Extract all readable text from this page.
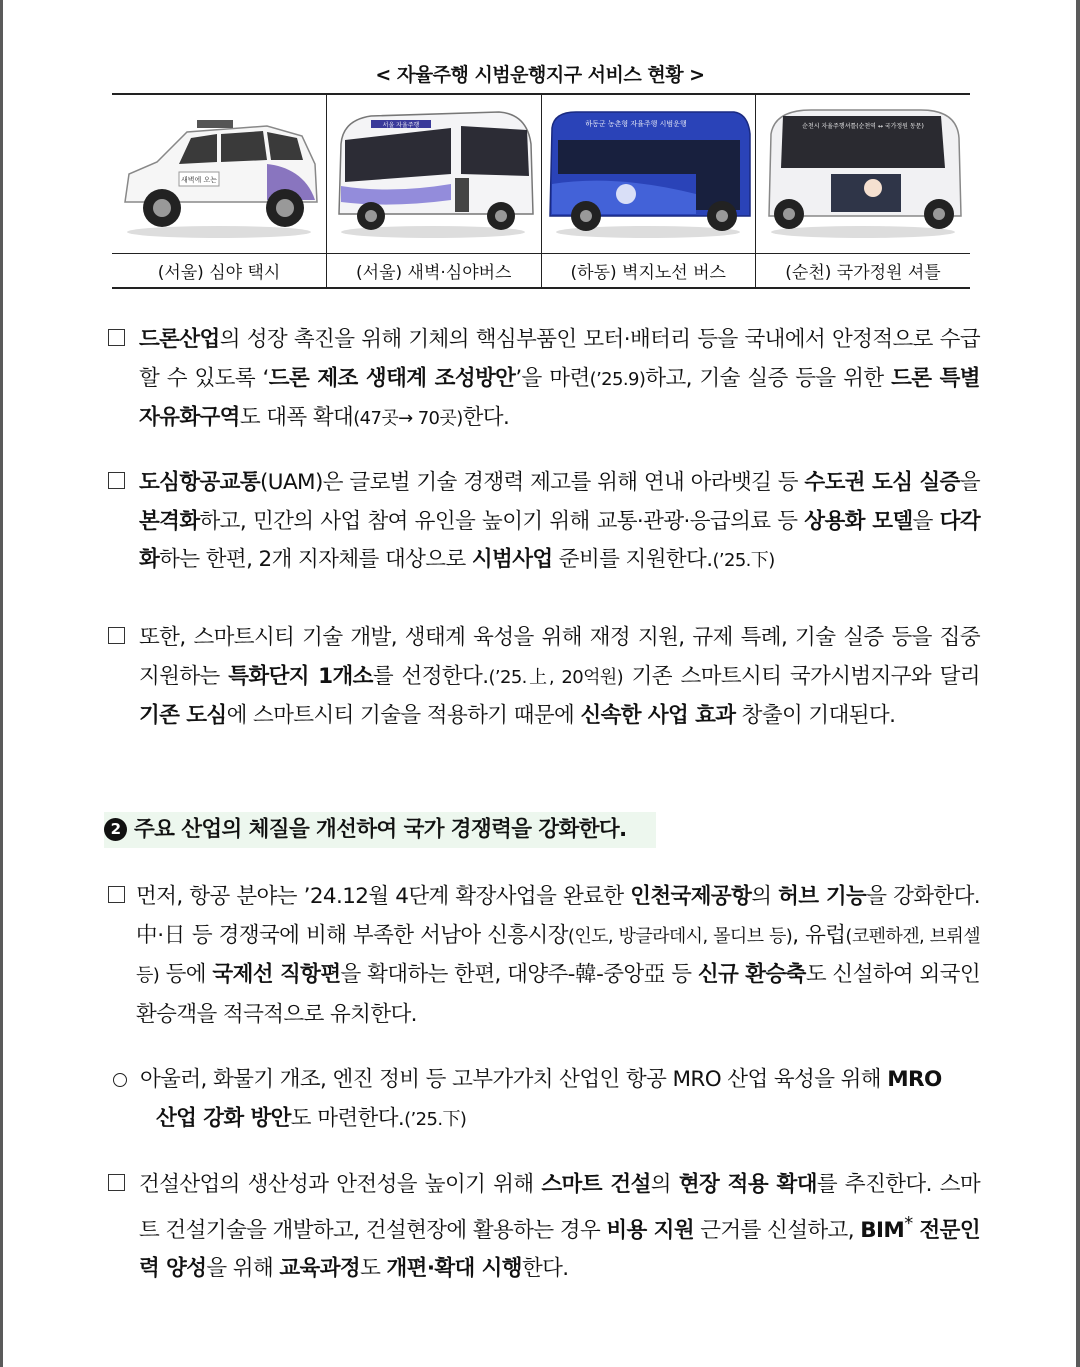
< 자율주행 시범운행지구 서비스 현황 >
새벽에 오는	서울 자율주행	하동군 농촌형 자율주행 시범운행	순천시 자율주행셔틀(순천역 ↔ 국가정원 동문)

(서울) 심야 택시	(서울) 새벽·심야버스	(하동) 벽지노선 버스	(순천) 국가정원 셔틀
드론산업의 성장 촉진을 위해 기체의 핵심부품인 모터·배터리 등을 국내에서 안정적으로 수급할 수 있도록 ‘드론 제조 생태계 조성방안’을 마련(’25.9)하고, 기술 실증 등을 위한 드론 특별 자유화구역도 대폭 확대(47곳→ 70곳)한다.
도심항공교통(UAM)은 글로벌 기술 경쟁력 제고를 위해 연내 아라뱃길 등 수도권 도심 실증을 본격화하고, 민간의 사업 참여 유인을 높이기 위해 교통·관광·응급의료 등 상용화 모델을 다각화하는 한편, 2개 지자체를 대상으로 시범사업 준비를 지원한다.(’25.下)
또한, 스마트시티 기술 개발, 생태계 육성을 위해 재정 지원, 규제 특례, 기술 실증 등을 집중 지원하는 특화단지 1개소를 선정한다.(’25.上, 20억원) 기존 스마트시티 국가시범지구와 달리 기존 도심에 스마트시티 기술을 적용하기 때문에 신속한 사업 효과 창출이 기대된다.
2 주요 산업의 체질을 개선하여 국가 경쟁력을 강화한다.
먼저, 항공 분야는 ’24.12월 4단계 확장사업을 완료한 인천국제공항의 허브 기능을 강화한다. 中·日 등 경쟁국에 비해 부족한 서남아 신흥시장(인도, 방글라데시, 몰디브 등), 유럽(코펜하겐, 브뤼셀 등) 등에 국제선 직항편을 확대하는 한편, 대양주-韓-중앙亞 등 신규 환승축도 신설하여 외국인 환승객을 적극적으로 유치한다.
아울러, 화물기 개조, 엔진 정비 등 고부가가치 산업인 항공 MRO 산업 육성을 위해 MRO
산업 강화 방안도 마련한다.(’25.下)
건설산업의 생산성과 안전성을 높이기 위해 스마트 건설의 현장 적용 확대를 추진한다. 스마트 건설기술을 개발하고, 건설현장에 활용하는 경우 비용 지원 근거를 신설하고, BIM* 전문인력 양성을 위해 교육과정도 개편·확대 시행한다.
